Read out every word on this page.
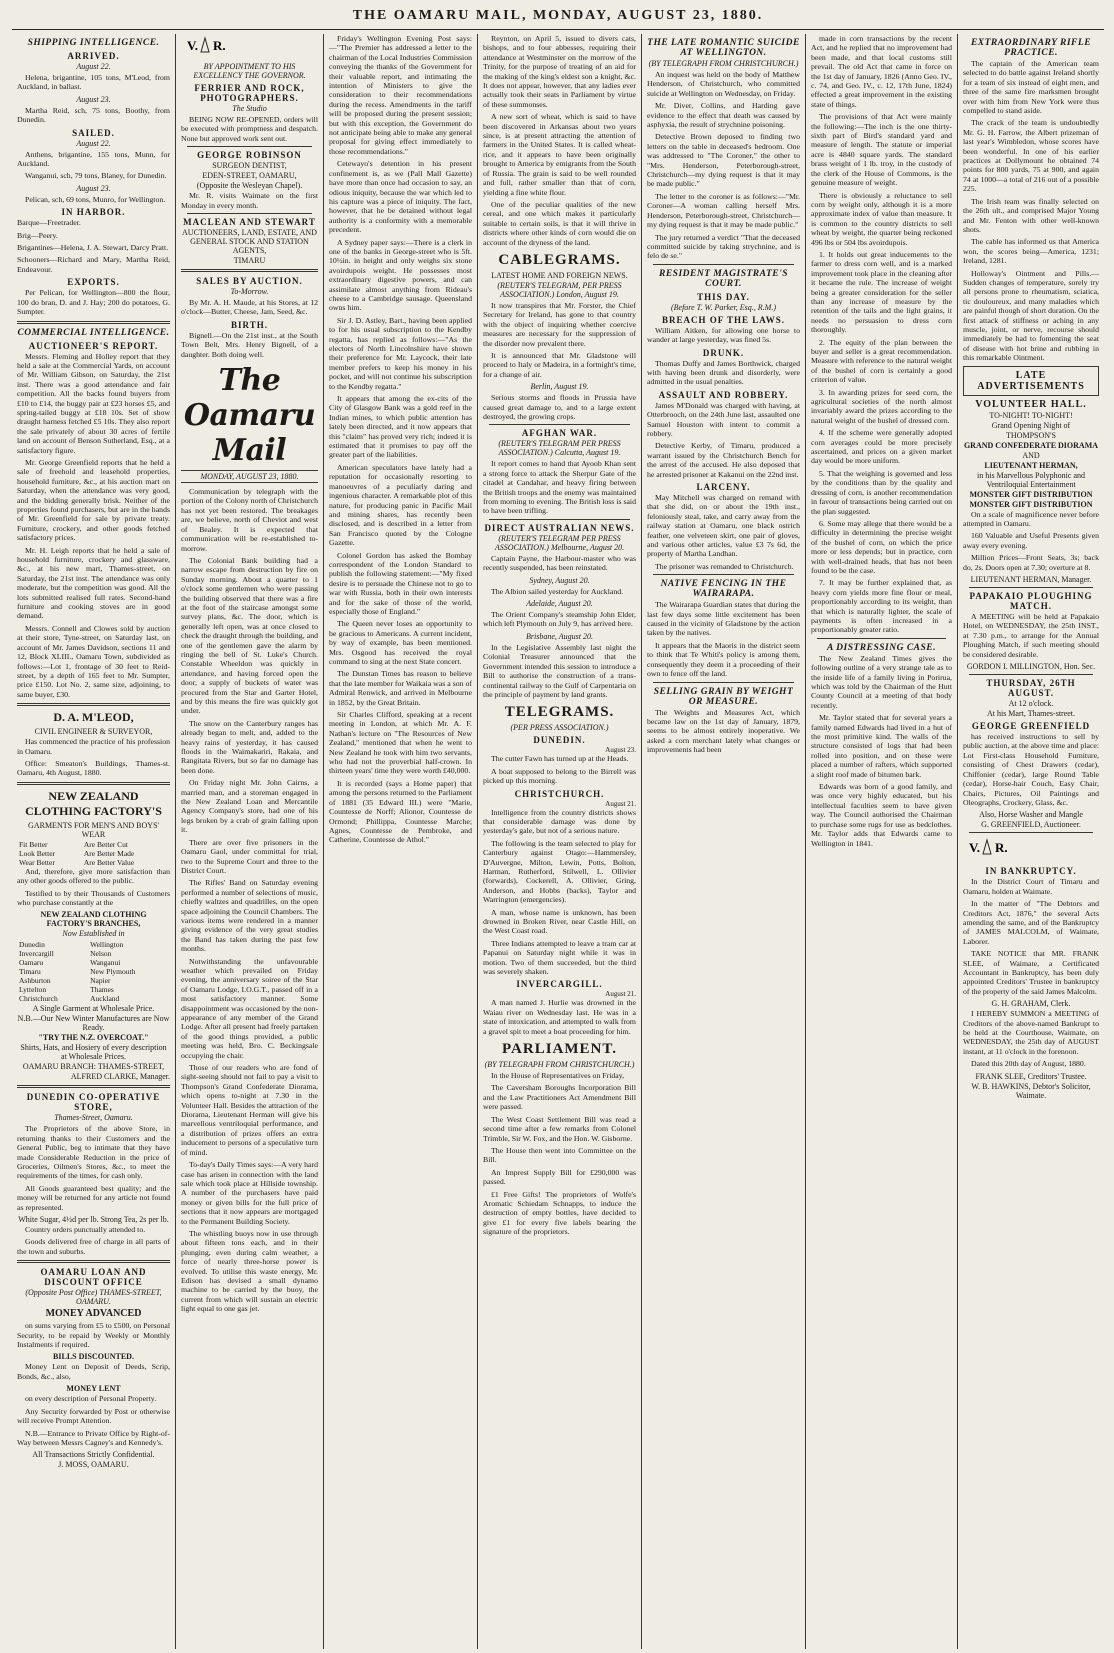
THE OAMARU MAIL, MONDAY, AUGUST 23, 1880.
SHIPPING INTELLIGENCE.
ARRIVED.
August 22.
Helena, brigantine, 105 tons, M'Leod, from Auckland, in ballast.
August 23.
Martha Reid, sch, 75 tons, Boothy, from Dunedin.
SAILED.
August 22.
Anthens, brigantine, 155 tons, Munn, for Auckland.
Wanganui, sch, 79 tons, Blaney, for Dunedin.
August 23.
Pelican, sch, 69 tons, Munro, for Wellington.
IN HARBOR.
Barque—Freetrader.
Brig—Peery.
Brigantines—Helena, J. A. Stewart, Darcy Pratt.
Schooners—Richard and Mary, Martha Reid, Endeavour.
EXPORTS.
Per Pelican, for Wellington—800 the flour, 100 do bran, D. and J. Hay; 200 do potatoes, G. Sumpter.
COMMERCIAL INTELLIGENCE.
AUCTIONEER'S REPORT.
Messrs. Fleming and Holley report that they held a sale at the Commercial Yards, on account of Mr. William Gibson, on Saturday, the 21st inst. There was a good attendance and fair competition. All the backs found buyers from £10 to £14, the buggy pair at £23 horses £5, and spring-tailed buggy at £18 10s. Set of show draught harness fetched £5 10s. They also report the sale privately of about 30 acres of fertile land on account of Benson Sutherland, Esq., at a satisfactory figure.
Mr. George Greenfield reports that he held a sale of freehold and leasehold properties, household furniture, &c., at his auction mart on Saturday, when the attendance was very good, and the bidding generally brisk. Neither of the properties found purchasers, but are in the hands of Mr. Greenfield for sale by private treaty. Furniture, crockery, and other goods fetched satisfactory prices.
Mr. H. Leigh reports that he held a sale of household furniture, crockery and glassware, &c., at his new mart, Thames-street, on Saturday, the 21st inst. The attendance was only moderate, but the competition was good. All the lots submitted realised full rates. Second-hand furniture and cooking stoves are in good demand.
Messrs. Connell and Clowes sold by auction at their store, Tyne-street, on Saturday last, on account of Mr. James Davidson, sections 11 and 12, Block XLIII., Oamaru Town, subdivided as follows:—Lot 1, frontage of 30 feet to Reid-street, by a depth of 165 feet to Mr. Sumpter, price £150. Lot No. 2, same size, adjoining, to same buyer, £30.
D. A. M'LEOD,
CIVIL ENGINEER & SURVEYOR,
Has commenced the practice of his profession in Oamaru.
Office: Smeaton's Buildings, Thames-st. Oamaru, 4th August, 1880.
NEW ZEALAND CLOTHING FACTORY'S
GARMENTS FOR MEN'S AND BOYS' WEAR
Fit Better	Are Better Cut
Look Better	Are Better Made
Wear Better	Are Better Value
And, therefore, give more satisfaction than any other goods offered to the public.
Testified to by their Thousands of Customers who purchase constantly at the
NEW ZEALAND CLOTHING FACTORY'S BRANCHES,
Now Established in
Dunedin	Wellington
Invercargill	Nelson
Oamaru	Wanganui
Timaru	New Plymouth
Ashburton	Napier
Lyttelton	Thames
Christchurch	Auckland
A Single Garment at Wholesale Price.
N.B.—Our New Winter Manufactures are Now Ready.
"TRY THE N.Z. OVERCOAT."
Shirts, Hats, and Hosiery of every description at Wholesale Prices.
OAMARU BRANCH: THAMES-STREET,
ALFRED CLARKE, Manager.
DUNEDIN CO-OPERATIVE STORE,
Thames-Street, Oamaru.
The Proprietors of the above Store, in returning thanks to their Customers and the General Public, beg to intimate that they have made Considerable Reduction in the price of Groceries, Oilmen's Stores, &c., to meet the requirements of the times, for cash only.
All Goods guaranteed best quality; and the money will be returned for any article not found as represented.
White Sugar, 4½d per lb. Strong Tea, 2s per lb.
Country orders punctually attended to.
Goods delivered free of charge in all parts of the town and suburbs.
OAMARU LOAN AND DISCOUNT OFFICE
(Opposite Post Office) THAMES-STREET, OAMARU.
MONEY ADVANCED
on sums varying from £5 to £500, on Personal Security, to be repaid by Weekly or Monthly Instalments if required.
BILLS DISCOUNTED.
Money Lent on Deposit of Deeds, Scrip, Bonds, &c., also,
MONEY LENT
on every description of Personal Property.
Any Security forwarded by Post or otherwise will receive Prompt Attention.
N.B.—Entrance to Private Office by Right-of-Way between Messrs Cagney's and Kennedy's.
All Transactions Strictly Confidential.
J. MOSS, OAMARU.
V. R.
BY APPOINTMENT TO HIS EXCELLENCY THE GOVERNOR.
FERRIER AND ROCK, PHOTOGRAPHERS.
The Studio
BEING NOW RE-OPENED, orders will be executed with promptness and despatch. None but approved work sent out.
GEORGE ROBINSON
SURGEON DENTIST,
EDEN-STREET, OAMARU,
(Opposite the Wesleyan Chapel).
Mr. R. visits Waimate on the first Monday in every month.
MACLEAN AND STEWART
AUCTIONEERS, LAND, ESTATE, AND GENERAL STOCK AND STATION AGENTS,
TIMARU
SALES BY AUCTION.
To-Morrow.
By Mr. A. H. Maude, at his Stores, at 12 o'clock—Butter, Cheese, Jam, Seed, &c.
BIRTH.
Bignell.—On the 21st inst., at the South Town Belt, Mrs. Henry Bignell, of a daughter. Both doing well.
The Oamaru Mail
MONDAY, AUGUST 23, 1880.
Communication by telegraph with the portion of the Colony north of Christchurch has not yet been restored. The breakages are, we believe, north of Cheviot and west of Bealey. It is expected that communication will be re-established to-morrow.
The Colonial Bank building had a narrow escape from destruction by fire on Sunday morning. About a quarter to 1 o'clock some gentlemen who were passing the building observed that there was a fire at the foot of the staircase amongst some survey plans, &c. The door, which is generally left open, was at once closed to check the draught through the building, and one of the gentlemen gave the alarm by ringing the bell of St. Luke's Church. Constable Wheeldon was quickly in attendance, and having forced open the door, a supply of buckets of water was procured from the Star and Garter Hotel, and by this means the fire was quickly got under.
The snow on the Canterbury ranges has already began to melt, and, added to the heavy rains of yesterday, it has caused floods in the Waimakariri, Rakaia, and Rangitata Rivers, but so far no damage has been done.
On Friday night Mr. John Cairns, a married man, and a storeman engaged in the New Zealand Loan and Mercantile Agency Company's store, had one of his legs broken by a crab of grain falling upon it.
There are over five prisoners in the Oamaru Gaol, under committal for trial, two to the Supreme Court and three to the District Court.
The Rifles' Band on Saturday evening performed a number of selections of music, chiefly waltzes and quadrilles, on the open space adjoining the Council Chambers. The various items were rendered in a manner giving evidence of the very great studies the Band has taken during the past few months.
Notwithstanding the unfavourable weather which prevailed on Friday evening, the anniversary soiree of the Star of Oamaru Lodge, I.O.G.T., passed off in a most satisfactory manner. Some disappointment was occasioned by the non-appearance of any member of the Grand Lodge. After all present had freely partaken of the good things provided, a public meeting was held, Bro. C. Beckingsale occupying the chair.
Those of our readers who are fond of sight-seeing should not fail to pay a visit to Thompson's Grand Confederate Diorama, which opens to-night at 7.30 in the Volunteer Hall. Besides the attraction of the Diorama, Lieutenant Herman will give his marvellous ventriloquial performance, and a distribution of prizes offers an extra inducement to persons of a speculative turn of mind.
To-day's Daily Times says:—A very hard case has arisen in connection with the land sale which took place at Hillside township. A number of the purchasers have paid money or given bills for the full price of sections that it now appears are mortgaged to the Permanent Building Society.
The whistling buoys now in use through about fifteen tons each, and in their plunging, even during calm weather, a force of nearly three-horse power is evolved. To utilise this waste energy, Mr. Edison has devised a small dynamo machine to be carried by the buoy, the current from which will sustain an electric light equal to one gas jet.
Friday's Wellington Evening Post says:—"The Premier has addressed a letter to the chairman of the Local Industries Commission conveying the thanks of the Government for their valuable report, and intimating the intention of Ministers to give the consideration to their recommendations during the recess. Amendments in the tariff will be proposed during the present session; but with this exception, the Government do not anticipate being able to make any general proposal for giving effect immediately to those recommendations."
Cetewayo's detention in his present confinement is, as we (Pall Mall Gazette) have more than once had occasion to say, an odious iniquity, because the war which led to his capture was a piece of iniquity. The fact, however, that he be detained without legal authority is a conformity with a memorable precedent.
A Sydney paper says:—There is a clerk in one of the banks in George-street who is 5ft. 10½in. in height and only weighs six stone avoirdupois weight. He possesses most extraordinary digestive powers, and can assimilate almost anything from Rideau's cheese to a Cambridge sausage. Queensland owns him.
Sir J. D. Astley, Bart., having been applied to for his usual subscription to the Kendby regatta, has replied as follows:—"As the electors of North Lincolnshire have shown their preference for Mr. Laycock, their late member prefers to keep his money in his pocket, and will not continue his subscription to the Kendby regatta."
It appears that among the ex-cits of the City of Glasgow Bank was a gold reef in the Indian mines, to which public attention has lately been directed, and it now appears that this "claim" has proved very rich; indeed it is estimated that it promises to pay off the greater part of the liabilities.
American speculators have lately had a reputation for occasionally resorting to manoeuvres of a peculiarly daring and ingenious character. A remarkable plot of this nature, for producing panic in Pacific Mail and mining shares, has recently been disclosed, and is described in a letter from San Francisco quoted by the Cologne Gazette.
Colonel Gordon has asked the Bombay correspondent of the London Standard to publish the following statement:—"My fixed desire is to persuade the Chinese not to go to war with Russia, both in their own interests and for the sake of those of the world, especially those of England."
The Queen never loses an opportunity to be gracious to Americans. A current incident, by way of example, has been mentioned. Mrs. Osgood has received the royal command to sing at the next State concert.
The Dunstan Times has reason to believe that the late member for Waikaia was a son of Admiral Renwick, and arrived in Melbourne in 1852, by the Great Britain.
Sir Charles Clifford, speaking at a recent meeting in London, at which Mr. A. F. Nathan's lecture on "The Resources of New Zealand," mentioned that when he went to New Zealand he took with him two servants, who had not the proverbial half-crown. In thirteen years' time they were worth £40,000.
It is recorded (says a Home paper) that among the persons returned to the Parliament of 1881 (35 Edward III.) were "Marie, Countesse de Norff; Alionor, Countesse de Ormond; Phillippa, Countesse Marche; Agnes, Countesse de Pembroke, and Catherine, Countesse de Athol."
Reynton, on April 5, issued to divers cats, bishops, and to four abbesses, requiring their attendance at Westminster on the morrow of the Trinity, for the purpose of treating of an aid for the making of the king's eldest son a knight, &c. It does not appear, however, that any ladies ever actually took their seats in Parliament by virtue of these summonses.
A new sort of wheat, which is said to have been discovered in Arkansas about two years since, is at present attracting the attention of farmers in the United States. It is called wheat-rice, and it appears to have been originally brought to America by emigrants from the South of Russia. The grain is said to be well rounded and full, rather smaller than that of corn, yielding a fine white flour.
One of the peculiar qualities of the new cereal, and one which makes it particularly suitable to certain soils, is that it will thrive in districts where other kinds of corn would die on account of the dryness of the land.
CABLEGRAMS.
LATEST HOME AND FOREIGN NEWS.
(REUTER'S TELEGRAM, PER PRESS ASSOCIATION.) London, August 19.
It now transpires that Mr. Forster, the Chief Secretary for Ireland, has gone to that country with the object of inquiring whether coercive measures are necessary for the suppression of the disorder now prevalent there.
It is announced that Mr. Gladstone will proceed to Italy or Madeira, in a fortnight's time, for a change of air.
Berlin, August 19.
Serious storms and floods in Prussia have caused great damage to, and to a large extent destroyed, the growing crops.
AFGHAN WAR.
(REUTER'S TELEGRAM PER PRESS ASSOCIATION.) Calcutta, August 19.
It report comes to hand that Ayoob Khan sent a strong force to attack the Sherpur Gate of the citadel at Candahar, and heavy firing between the British troops and the enemy was maintained from morning to evening. The British loss is said to have been trifling.
DIRECT AUSTRALIAN NEWS.
(REUTER'S TELEGRAM PER PRESS ASSOCIATION.) Melbourne, August 20.
Captain Payne, the Harbour-master who was recently suspended, has been reinstated.
Sydney, August 20.
The Albion sailed yesterday for Auckland.
Adelaide, August 20.
The Orient Company's steamship John Elder, which left Plymouth on July 9, has arrived here.
Brisbane, August 20.
In the Legislative Assembly last night the Colonial Treasurer announced that the Government intended this session to introduce a Bill to authorise the construction of a trans-continental railway to the Gulf of Carpentaria on the principle of payment by land grants.
TELEGRAMS.
(PER PRESS ASSOCIATION.)
DUNEDIN.
August 23.
The cutter Fawn has turned up at the Heads.
A boat supposed to belong to the Birrell was picked up this morning.
CHRISTCHURCH.
August 21.
Intelligence from the country districts shows that considerable damage was done by yesterday's gale, but not of a serious nature.
The following is the team selected to play for Canterbury against Otago:—Hammersley, D'Auvergne, Milton, Lewin, Potts, Bolton, Harman, Rutherford, Stilwell, L. Ollivier (forwards), Cockerell, A. Ollivier, Gring, Anderson, and Hobbs (backs), Taylor and Warrington (emergencies).
A man, whose name is unknown, has been drowned in Broken River, near Castle Hill, on the West Coast road.
Three Indians attempted to leave a tram car at Papanui on Saturday night while it was in motion. Two of them succeeded, but the third was severely shaken.
INVERCARGILL.
August 21.
A man named J. Hurlie was drowned in the Waiau river on Wednesday last. He was in a state of intoxication, and attempted to walk from a gravel spit to meet a boat proceeding for him.
PARLIAMENT.
(BY TELEGRAPH FROM CHRISTCHURCH.)
In the House of Representatives on Friday,
The Caversham Boroughs Incorporation Bill and the Law Practitioners Act Amendment Bill were passed.
The West Coast Settlement Bill was read a second time after a few remarks from Colonel Trimble, Sir W. Fox, and the Hon. W. Gisborne.
The House then went into Committee on the Bill.
An Imprest Supply Bill for £290,000 was passed.
£1 Free Gifts! The proprietors of Wolfe's Aromatic Schiedam Schnapps, to induce the destruction of empty bottles, have decided to give £1 for every five labels bearing the signature of the proprietors.
THE LATE ROMANTIC SUICIDE AT WELLINGTON.
(BY TELEGRAPH FROM CHRISTCHURCH.)
An inquest was held on the body of Matthew Henderson, of Christchurch, who committed suicide at Wellington on Wednesday, on Friday.
Mr. Diver, Collins, and Harding gave evidence to the effect that death was caused by asphyxia, the result of strychnine poisoning.
Detective Brown deposed to finding two letters on the table in deceased's bedroom. One was addressed to "The Coroner," the other to "Mrs. Henderson, Peterborough-street, Christchurch—my dying request is that it may be made public."
The letter to the coroner is as follows:—"Mr. Coroner—A woman calling herself Mrs. Henderson, Peterborough-street, Christchurch—my dying request is that it may be made public."
The jury returned a verdict "That the deceased committed suicide by taking strychnine, and is felo de se."
RESIDENT MAGISTRATE'S COURT.
THIS DAY.
(Before T. W. Parker, Esq., R.M.)
BREACH OF THE LAWS.
William Aitken, for allowing one horse to wander at large yesterday, was fined 5s.
DRUNK.
Thomas Duffy and James Borthwick, charged with having been drunk and disorderly, were admitted in the usual penalties.
ASSAULT AND ROBBERY.
James M'Donald was charged with having, at Otterbrooch, on the 24th June last, assaulted one Samuel Houston with intent to commit a robbery.
Detective Kerby, of Timaru, produced a warrant issued by the Christchurch Bench for the arrest of the accused. He also deposed that he arrested prisoner at Kakanui on the 22nd inst.
LARCENY.
May Mitchell was charged on remand with that she did, on or about the 19th inst., feloniously steal, take, and carry away from the railway station at Oamaru, one black ostrich feather, one velveteen skirt, one pair of gloves, and various other articles, value £3 7s 6d, the property of Martha Landhan.
The prisoner was remanded to Christchurch.
NATIVE FENCING IN THE WAIRARAPA.
The Wairarapa Guardian states that during the last few days some little excitement has been caused in the vicinity of Gladstone by the action taken by the natives.
It appears that the Maoris in the district seem to think that Te Whiti's policy is among them, consequently they deem it a proceeding of their own to fence off the land.
SELLING GRAIN BY WEIGHT OR MEASURE.
The Weights and Measures Act, which became law on the 1st day of January, 1879, seems to be almost entirely inoperative. We asked a corn merchant lately what changes or improvements had been
made in corn transactions by the recent Act, and he replied that no improvement had been made, and that local customs still prevail. The old Act that came in force on the 1st day of January, 1826 (Anno Geo. IV., c. 74, and Geo. IV., c. 12, 17th June, 1824) effected a great improvement in the existing state of things.
The provisions of that Act were mainly the following:—The inch is the one thirty-sixth part of Bird's standard yard and measure of length. The statute or imperial acre is 4840 square yards. The standard brass weight of 1 lb. troy, in the custody of the clerk of the House of Commons, is the genuine measure of weight.
There is obviously a reluctance to sell corn by weight only, although it is a more approximate index of value than measure. It is common to the country districts to sell wheat by weight, the quarter being reckoned 496 lbs or 504 lbs avoirdupois.
1. It holds out great inducements to the farmer to dress corn well, and is a marked improvement took place in the cleaning after it became the rule. The increase of weight being a greater consideration for the seller than any increase of measure by the retention of the tails and the light grains, it needs no persuasion to dress corn thoroughly.
2. The equity of the plan between the buyer and seller is a great recommendation. Measure with reference to the natural weight of the bushel of corn is certainly a good criterion of value.
3. In awarding prizes for seed corn, the agricultural societies of the north almost invariably award the prizes according to the natural weight of the bushel of dressed corn.
4. If the scheme were generally adopted corn averages could be more precisely ascertained, and prices on a given market day would be more uniform.
5. That the weighing is governed and less by the conditions than by the quality and dressing of corn, is another recommendation in favour of transactions being carried out on the plan suggested.
6. Some may allege that there would be a difficulty in determining the precise weight of the bushel of corn, on which the price more or less depends; but in practice, corn with well-drained heads, that has not been found to be the case.
7. It may be further explained that, as heavy corn yields more fine flour or meal, proportionably according to its weight, than that which is naturally lighter, the scale of payments is often increased in a proportionably greater ratio.
A DISTRESSING CASE.
The New Zealand Times gives the following outline of a very strange tale as to the inside life of a family living in Porirua, which was told by the Chairman of the Hutt County Council at a meeting of that body recently.
Mr. Taylor stated that for several years a family named Edwards had lived in a hut of the most primitive kind. The walls of the structure consisted of logs that had been rolled into position, and on these were placed a number of rafters, which supported a slight roof made of bitumen bark.
Edwards was born of a good family, and was once very highly educated, but his intellectual faculties seem to have given way. The Council authorised the Chairman to purchase some rugs for use as bedclothes. Mr. Taylor adds that Edwards came to Wellington in 1841.
EXTRAORDINARY RIFLE PRACTICE.
The captain of the American team selected to do battle against Ireland shortly for a team of six instead of eight men, and three of the same fire marksmen brought over with him from New York were thus compelled to stand aside.
The crack of the team is undoubtedly Mr. G. H. Farrow, the Albert prizeman of last year's Wimbledon, whose scores have been wonderful. In one of his earlier practices at Dollymount he obtained 74 points for 800 yards, 75 at 900, and again 74 at 1000—a total of 216 out of a possible 225.
The Irish team was finally selected on the 26th ult., and comprised Major Young and Mr. Fenton with other well-known shots.
The cable has informed us that America won, the scores being—America, 1231; Ireland, 1281.
Holloway's Ointment and Pills.—Sudden changes of temperature, sorely try all persons prone to rheumatism, sciatica, tic douloureux, and many maladies which are painful though of short duration. On the first attack of stiffness or aching in any muscle, joint, or nerve, recourse should immediately be had to fomenting the seat of disease with hot brine and rubbing in this remarkable Ointment.
LATE ADVERTISEMENTS
VOLUNTEER HALL.
TO-NIGHT! TO-NIGHT!
Grand Opening Night of
THOMPSON'S
GRAND CONFEDERATE DIORAMA
AND
LIEUTENANT HERMAN,
in his Marvellous Polyphonic and Ventriloquial Entertainment
MONSTER GIFT DISTRIBUTION
MONSTER GIFT DISTRIBUTION
On a scale of magnificence never before attempted in Oamaru.
160 Valuable and Useful Presents given away every evening.
Million Prices—Front Seats, 3s; back do, 2s. Doors open at 7.30; overture at 8.
LIEUTENANT HERMAN, Manager.
PAPAKAIO PLOUGHING MATCH.
A MEETING will be held at Papakaio Hotel, on WEDNESDAY, the 25th INST., at 7.30 p.m., to arrange for the Annual Ploughing Match, if such meeting should be considered desirable.
GORDON I. MILLINGTON, Hon. Sec.
THURSDAY, 26TH AUGUST.
At 12 o'clock.
At his Mart, Thames-street.
GEORGE GREENFIELD
has received instructions to sell by public auction, at the above time and place: Lot First-class Household Furniture, consisting of Chest Drawers (cedar), Chiffonier (cedar), large Round Table (cedar), Horse-hair Couch, Easy Chair, Chairs, Pictures, Oil Paintings and Oleographs, Crockery, Glass, &c.
Also, Horse Washer and Mangle
G. GREENFIELD, Auctioneer.
V. R.
IN BANKRUPTCY.
In the District Court of Timaru and Oamaru, holden at Waimate.
In the matter of "The Debtors and Creditors Act, 1876," the several Acts amending the same, and of the Bankruptcy of JAMES MALCOLM, of Waimate, Laborer.
TAKE NOTICE that MR. FRANK SLEE, of Waimate, a Certificated Accountant in Bankruptcy, has been duly appointed Creditors' Trustee in bankruptcy of the property of the said James Malcolm.
G. H. GRAHAM, Clerk.
I HEREBY SUMMON a MEETING of Creditors of the above-named Bankrupt to be held at the Courthouse, Waimate, on WEDNESDAY, the 25th day of AUGUST instant, at 11 o'clock in the forenoon.
Dated this 20th day of August, 1880.
FRANK SLEE, Creditors' Trustee.
W. B. HAWKINS, Debtor's Solicitor, Waimate.
